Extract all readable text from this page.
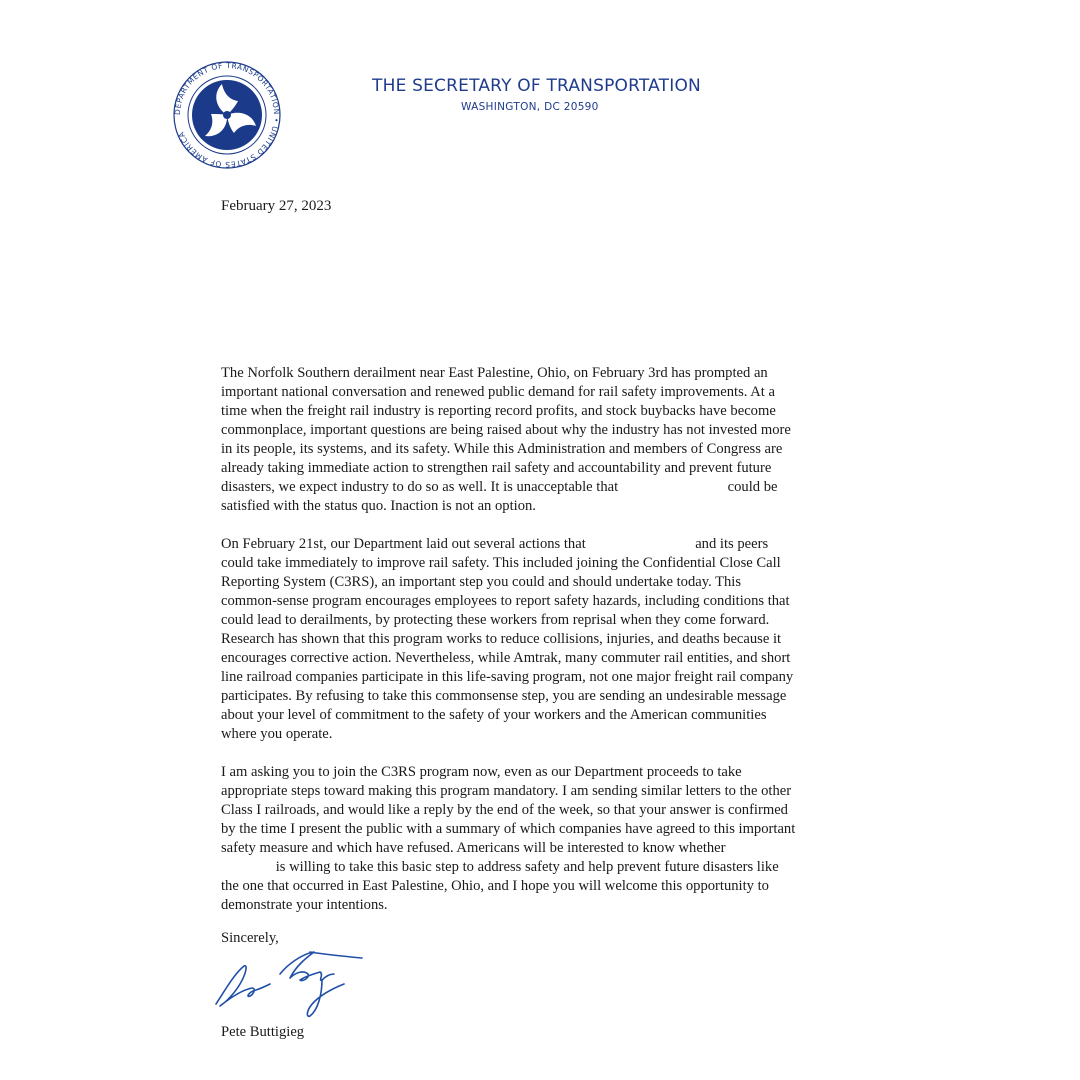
DEPARTMENT OF TRANSPORTATION • UNITED STATES OF AMERICA
THE SECRETARY OF TRANSPORTATION
WASHINGTON, DC 20590
February 27, 2023
The Norfolk Southern derailment near East Palestine, Ohio, on February 3rd has prompted an
important national conversation and renewed public demand for rail safety improvements. At a
time when the freight rail industry is reporting record profits, and stock buybacks have become
commonplace, important questions are being raised about why the industry has not invested more
in its people, its systems, and its safety. While this Administration and members of Congress are
already taking immediate action to strengthen rail safety and accountability and prevent future
disasters, we expect industry to do so as well. It is unacceptable that                              could be
satisfied with the status quo. Inaction is not an option.
On February 21st, our Department laid out several actions that                              and its peers
could take immediately to improve rail safety. This included joining the Confidential Close Call
Reporting System (C3RS), an important step you could and should undertake today. This
common-sense program encourages employees to report safety hazards, including conditions that
could lead to derailments, by protecting these workers from reprisal when they come forward.
Research has shown that this program works to reduce collisions, injuries, and deaths because it
encourages corrective action. Nevertheless, while Amtrak, many commuter rail entities, and short
line railroad companies participate in this life-saving program, not one major freight rail company
participates. By refusing to take this commonsense step, you are sending an undesirable message
about your level of commitment to the safety of your workers and the American communities
where you operate.
I am asking you to join the C3RS program now, even as our Department proceeds to take
appropriate steps toward making this program mandatory. I am sending similar letters to the other
Class I railroads, and would like a reply by the end of the week, so that your answer is confirmed
by the time I present the public with a summary of which companies have agreed to this important
safety measure and which have refused. Americans will be interested to know whether
is willing to take this basic step to address safety and help prevent future disasters like
the one that occurred in East Palestine, Ohio, and I hope you will welcome this opportunity to
demonstrate your intentions.
Sincerely,
Pete Buttigieg
